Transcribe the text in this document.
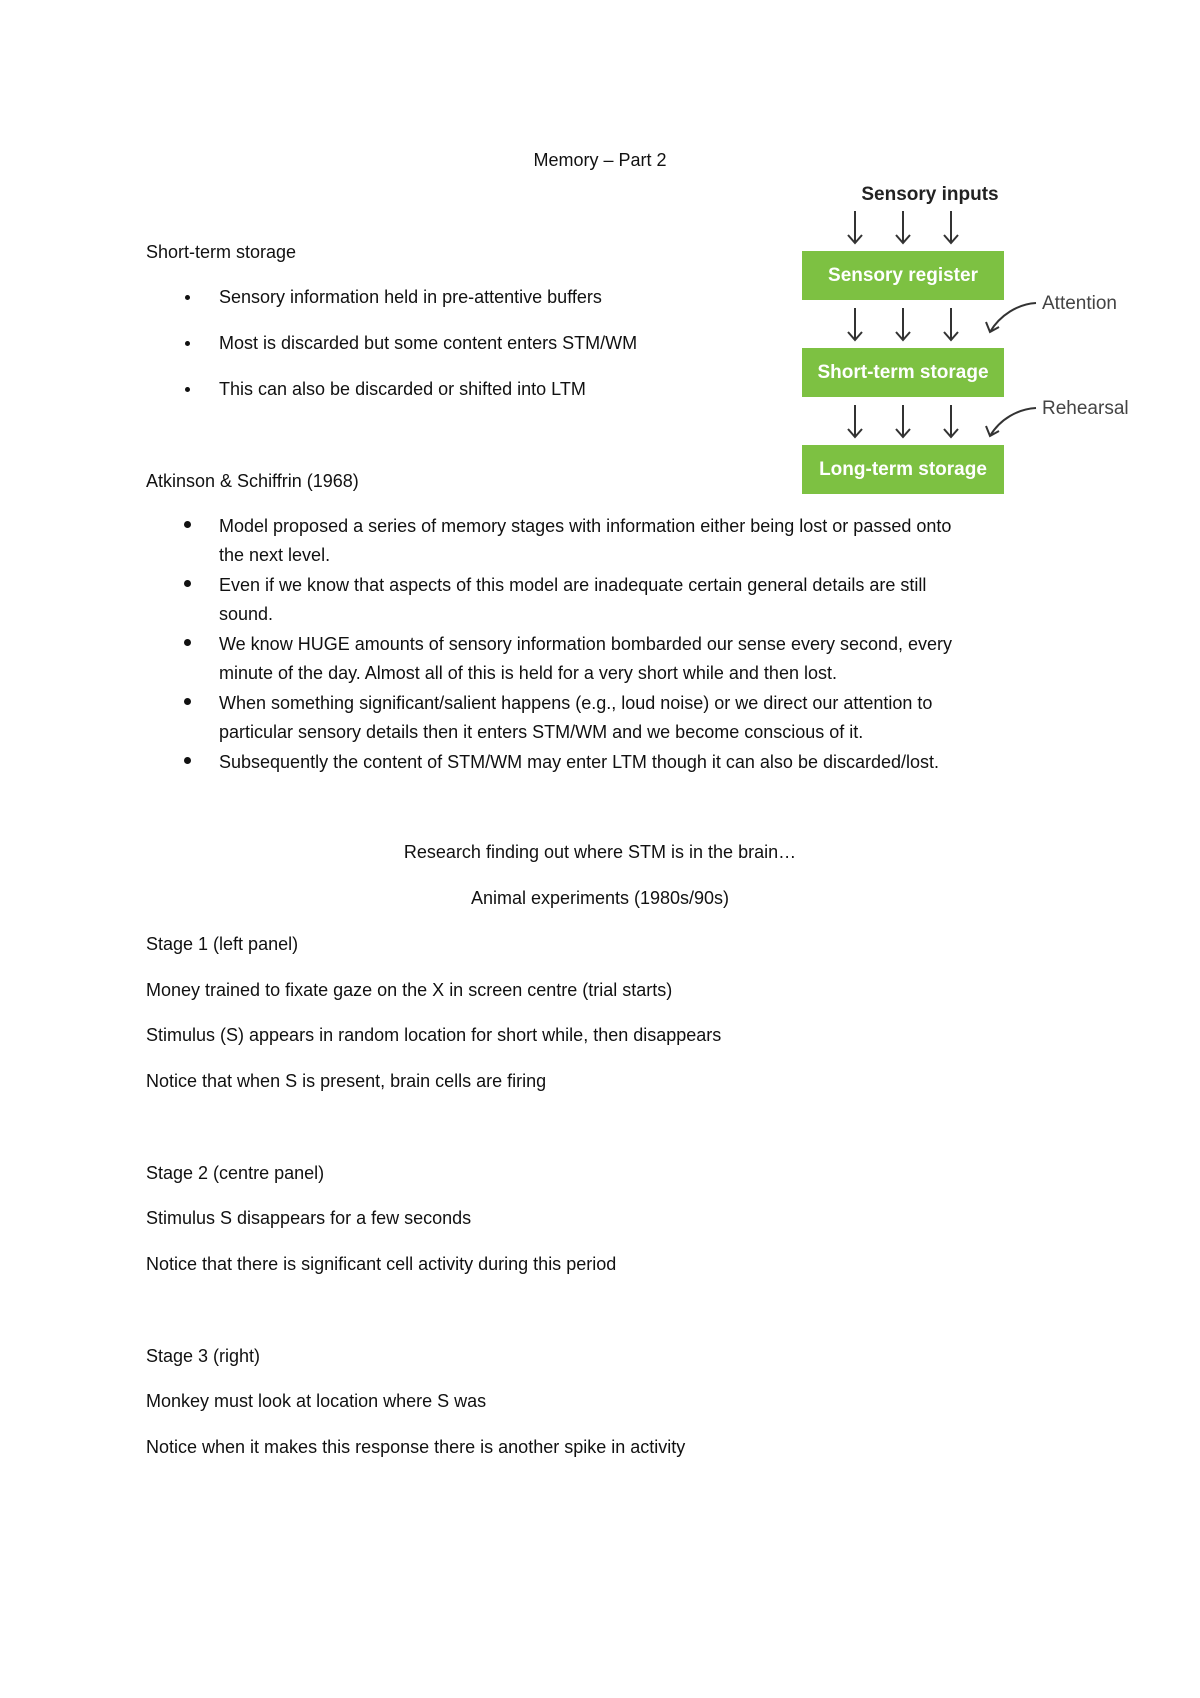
Memory – Part 2
Short-term storage
Sensory information held in pre-attentive buffers
Most is discarded but some content enters STM/WM
This can also be discarded or shifted into LTM
Sensory inputs
Sensory register
Short-term storage
Long-term storage
Attention
Rehearsal
Atkinson & Schiffrin (1968)
Model proposed a series of memory stages with information either being lost or passed onto
the next level.
Even if we know that aspects of this model are inadequate certain general details are still
sound.
We know HUGE amounts of sensory information bombarded our sense every second, every
minute of the day. Almost all of this is held for a very short while and then lost.
When something significant/salient happens (e.g., loud noise) or we direct our attention to
particular sensory details then it enters STM/WM and we become conscious of it.
Subsequently the content of STM/WM may enter LTM though it can also be discarded/lost.
Research finding out where STM is in the brain…
Animal experiments (1980s/90s)
Stage 1 (left panel)
Money trained to fixate gaze on the X in screen centre (trial starts)
Stimulus (S) appears in random location for short while, then disappears
Notice that when S is present, brain cells are firing
Stage 2 (centre panel)
Stimulus S disappears for a few seconds
Notice that there is significant cell activity during this period
Stage 3 (right)
Monkey must look at location where S was
Notice when it makes this response there is another spike in activity
